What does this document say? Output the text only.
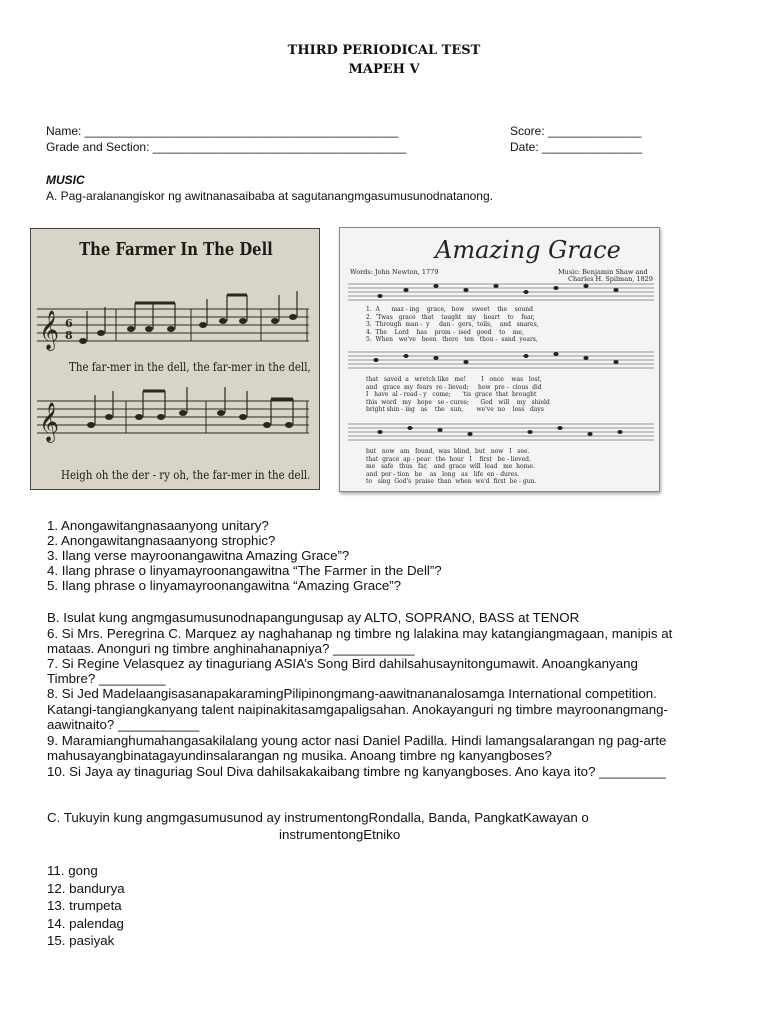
THIRD PERIODICAL TEST
MAPEH V
Name: _______________________________________________	Score: ______________
Grade and Section: ______________________________________	Date: _______________
MUSIC
A. Pag-aralanangiskor ng awitnanasaibaba at sagutanangmgasumusunodnatanong.
The Farmer In The Dell
𝄞
𝄞
6
8
The far-mer in the dell, the far-mer in the dell,
Heigh oh the der - ry oh, the far-mer in the dell.
Amazing Grace
Words: John Newton, 1779	Music: Benjamin Shaw and
Charles H. Spilman, 1829
1.  A      maz - ing    grace,   how    sweet    the    sound
2.  'Twas   grace   that    taught   my    heart    to    fear,
3.  Through  man -  y     dan -  gers,  toils,    and   snares,
4.  The    Lord    has    prom -  ised   good    to    me,
5.  When   we've   been   there   ten   thou -  sand  years,
that   saved  a   wretch like   me!        I   once    was   lost,
and   grace  my  fears  re - lieved;     how  pre -  cious  did
I   have  al - read - y   come;      'tis  grace  that  brought
this  word   my   hope   se - cures;      God   will    my   shield
bright shin - ing   as    the   sun,       we've  no    less   days
but   now   am   found,  was  blind,  but   now   I   see.
that  grace  ap - pear   the  hour   I    first   be - lieved.
me   safe   thus   far,   and  grace  will  lead   me  home.
and  por - tion   be    as   long   as   life  en - dures.
to   sing  God's  praise  than  when  we'd  first  be - gun.
1. Anongawitangnasaanyong unitary?
2. Anongawitangnasaanyong strophic?
3. Ilang verse mayroonangawitna Amazing Grace”?
4. Ilang phrase o linyamayroonangawitna “The Farmer in the Dell”?
5. Ilang phrase o linyamayroonangawitna “Amazing Grace”?
B. Isulat kung angmgasumusunodnapangungusap ay ALTO, SOPRANO, BASS at TENOR
6. Si Mrs. Peregrina C. Marquez ay naghahanap ng timbre ng lalakina may katangiangmagaan, manipis at
mataas. Anonguri ng timbre anghinahanapniya? ___________
7. Si Regine Velasquez ay tinaguriang ASIA’s Song Bird dahilsahusaynitongumawit. Anoangkanyang
Timbre? _________
8. Si Jed MadelaangisasanapakaramingPilipinongmang-aawitnananalosamga International competition.
Katangi-tangiangkanyang talent naipinakitasamgapaligsahan. Anokayanguri ng timbre mayroonangmang-
aawitnaito? ___________
9. Maramianghumahangasakilalang young actor nasi Daniel Padilla. Hindi lamangsalarangan ng pag-arte
mahusayangbinatagayundinsalarangan ng musika. Anoang timbre ng kanyangboses?
10. Si Jaya ay tinaguriag Soul Diva dahilsakakaibang timbre ng kanyangboses. Ano kaya ito? _________
C. Tukuyin kung angmgasumusunod ay instrumentongRondalla, Banda, PangkatKawayan o
instrumentongEtniko
11. gong
12. bandurya
13. trumpeta
14. palendag
15. pasiyak
